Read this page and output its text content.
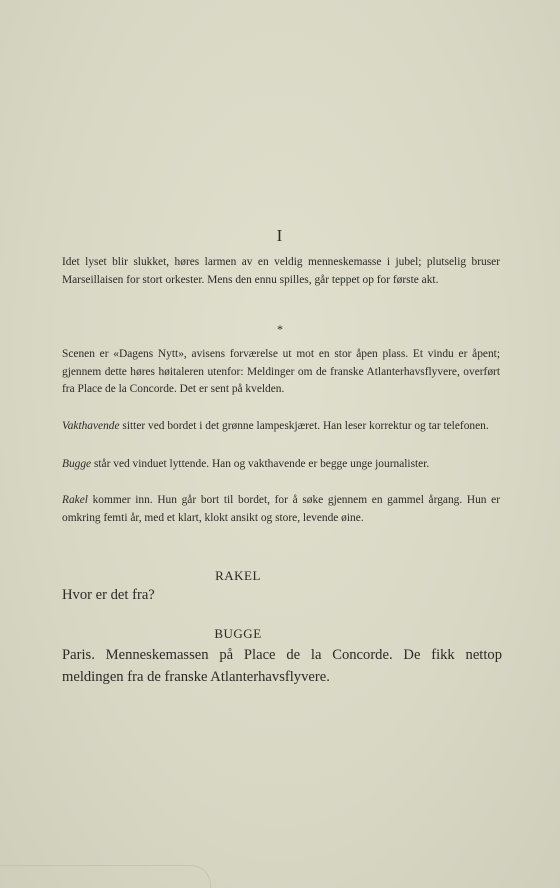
I

Idet lyset blir slukket, høres larmen av en veldig menneskemasse i jubel; plutselig bruser Marseillaisen for stort orkester. Mens den ennu spilles, går teppet op for første akt.

*

Scenen er «Dagens Nytt», avisens forværelse ut mot en stor åpen plass. Et vindu er åpent; gjennem dette høres høitaleren utenfor: Meldinger om de franske Atlanterhavsflyvere, overført fra Place de la Concorde. Det er sent på kvelden.

Vakthavende sitter ved bordet i det grønne lampeskjæret. Han leser korrektur og tar telefonen.

Bugge står ved vinduet lyttende. Han og vakthavende er begge unge journalister.

Rakel kommer inn. Hun går bort til bordet, for å søke gjennem en gammel årgang. Hun er omkring femti år, med et klart, klokt ansikt og store, levende øine.

RAKEL

Hvor er det fra?

BUGGE

Paris. Menneskemassen på Place de la Concorde. De fikk nettop meldingen fra de franske Atlanterhavsflyvere.
